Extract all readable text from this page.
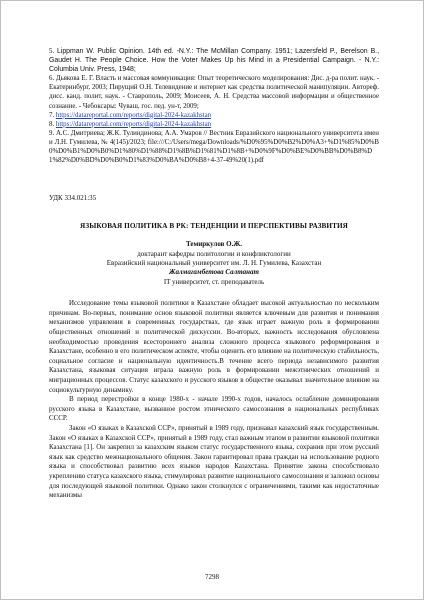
5. Lippman W. Public Opinion. 14th ed. -N.Y.: The McMillan Company. 1951; Lazersfeld P., Berelson B., Gaudet H. The People Choice. How the Voter Makes Up his Mind in a Presidential Campaign. - N.Y.: Columbia Univ. Press, 1948;
6. Дьякова Е. Г. Власть и массовая коммуникация: Опыт теоретического моделирования: Дис. д-ра полит. наук. - Екатеринбург, 2003; Пирущий О.Н. Телевидение и интернет как средства политической манипуляции. Автореф. дисс. канд. полит, наук. - Ставрополь, 2009; Моисеев, А. Н. Средства массовой информации и общественное сознание. - Чебоксары: Чуваш, гос. пед. ун-т, 2009;
7. https://datareportal.com/reports/digital-2024-kazakhstan
8. https://datareportal.com/reports/digital-2024-kazakhstan
9. А.С. Дмитриева; Ж.К. Тулиндинова; А.А. Умаров // Вестник Евразийского национального университета имени Л.Н. Гумилева, № 4(145)/2023; file:///C:/Users/mega/Downloads/%D0%95%D0%B2%D0%A3+%D1%85%D0%B0%D0%B1%D0%B0%D1%80%D1%88%D1%8B%D1%81%D1%8B+%D0%9F%D0%BE%D0%BB%D0%B8%D1%82%D0%BD%D0%B0%D1%83%D0%BA%D0%B8+4-37-49%20(1).pdf
УДК 334.021:35
ЯЗЫКОВАЯ ПОЛИТИКА В РК: ТЕНДЕНЦИИ И ПЕРСПЕКТИВЫ РАЗВИТИЯ
Темиркулов О.Ж.
доктарант кафедры политологии и конфликтологии
Евразийский национальный университет им. Л. Н. Гумилева, Казахстан
Жалмагамбетова Салтанат
IT университет, ст. преподаватель

Исследование темы языковой политики в Казахстане обладает высокой актуальностью по нескольким причинам. Во-первых, понимание основ языковой политики является ключевым для развития и понимания механизмов управления в современных государствах, где язык играет важную роль в формировании общественных отношений и политической дискуссии. Во-вторых, важность исследования обусловлена необходимостью проведения всестороннего анализа сложного процесса языкового реформирования в Казахстане, особенно в его политическом аспекте, чтобы оценить его влияние на политическую стабильность, социальное согласие и национальную идентичность.В течение всего периода независимого развития Казахстана, языковая ситуация играла важную роль в формировании межэтнических отношений и миграционных процессов. Статус казахского и русского языков в обществе оказывал значительное влияние на социокультурную динамику.

В период перестройки в конце 1980-х - начале 1990-х годов, началось ослабление доминирования русского языка в Казахстане, вызванное ростом этнического самосознания в национальных республиках СССР.

Закон «О языках в Казахской ССР», принятый в 1989 году, признавал казахский язык государственным. Закон «О языках в Казахской ССР», принятый в 1989 году, стал важным этапом в развитии языковой политики Казахстана [1]. Он закрепил за казахским языком статус государственного языка, сохранив при этом русский язык как средство межнационального общения. Закон гарантировал права граждан на использование родного языка и способствовал развитию всех языков народов Казахстана. Принятие закона способствовало укреплению статуса казахского языка, стимулировал развитие национального самосознания и заложил основы для последующей языковой политики. Однако закон столкнулся с ограничениями, такими как недостаточные механизмы

7298
